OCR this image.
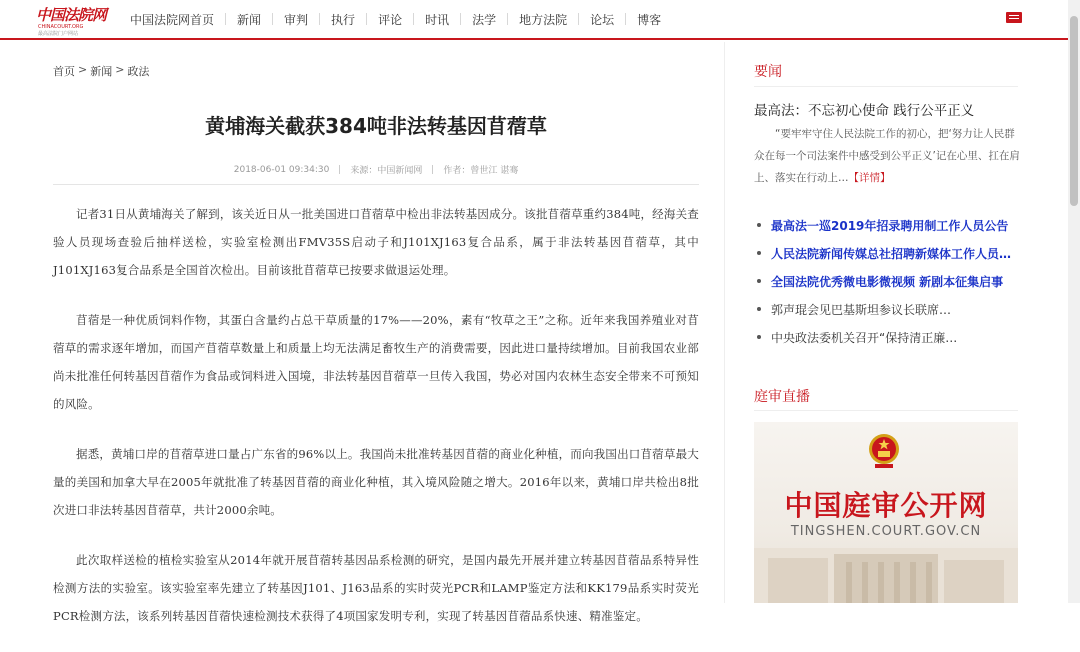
中国法院网
CHINACOURT.ORG
最高法院门户网站
中国法院网首页 新闻 审判 执行 评论 时讯 法学 地方法院 论坛 博客
首页 > 新闻 > 政法
黄埔海关截获384吨非法转基因苜蓿草
2018-06-01 09:34:30 来源：中国新闻网 作者：曾世江 谌骞

记者31日从黄埔海关了解到，该关近日从一批美国进口苜蓿草中检出非法转基因成分。该批苜蓿草重约384吨，经海关查验人员现场查验后抽样送检，实验室检测出FMV35S启动子和J101XJ163复合品系，属于非法转基因苜蓿草，其中J101XJ163复合品系是全国首次检出。目前该批苜蓿草已按要求做退运处理。

苜蓿是一种优质饲料作物，其蛋白含量约占总干草质量的17%——20%，素有“牧草之王”之称。近年来我国养殖业对苜蓿草的需求逐年增加，而国产苜蓿草数量上和质量上均无法满足畜牧生产的消费需要，因此进口量持续增加。目前我国农业部尚未批准任何转基因苜蓿作为食品或饲料进入国境，非法转基因苜蓿草一旦传入我国，势必对国内农林生态安全带来不可预知的风险。

据悉，黄埔口岸的苜蓿草进口量占广东省的96%以上。我国尚未批准转基因苜蓿的商业化种植，而向我国出口苜蓿草最大量的美国和加拿大早在2005年就批准了转基因苜蓿的商业化种植，其入境风险随之增大。2016年以来，黄埔口岸共检出8批次进口非法转基因苜蓿草，共计2000余吨。

此次取样送检的植检实验室从2014年就开展苜蓿转基因品系检测的研究，是国内最先开展并建立转基因苜蓿品系特异性检测方法的实验室。该实验室率先建立了转基因J101、J163品系的实时荧光PCR和LAMP鉴定方法和KK179品系实时荧光PCR检测方法，该系列转基因苜蓿快速检测技术获得了4项国家发明专利，实现了转基因苜蓿品系快速、精准鉴定。

要闻
最高法：不忘初心使命 践行公平正义
“要牢牢守住人民法院工作的初心，把‘努力让人民群众在每一个司法案件中感受到公平正义’记在心里、扛在肩上、落实在行动上…【详情】
最高法一巡2019年招录聘用制工作人员公告
人民法院新闻传媒总社招聘新媒体工作人员…
全国法院优秀微电影微视频 新剧本征集启事
郭声琨会见巴基斯坦参议长联席…
中央政法委机关召开“保持清正廉…
庭审直播
中国庭审公开网
TINGSHEN.COURT.GOV.CN
